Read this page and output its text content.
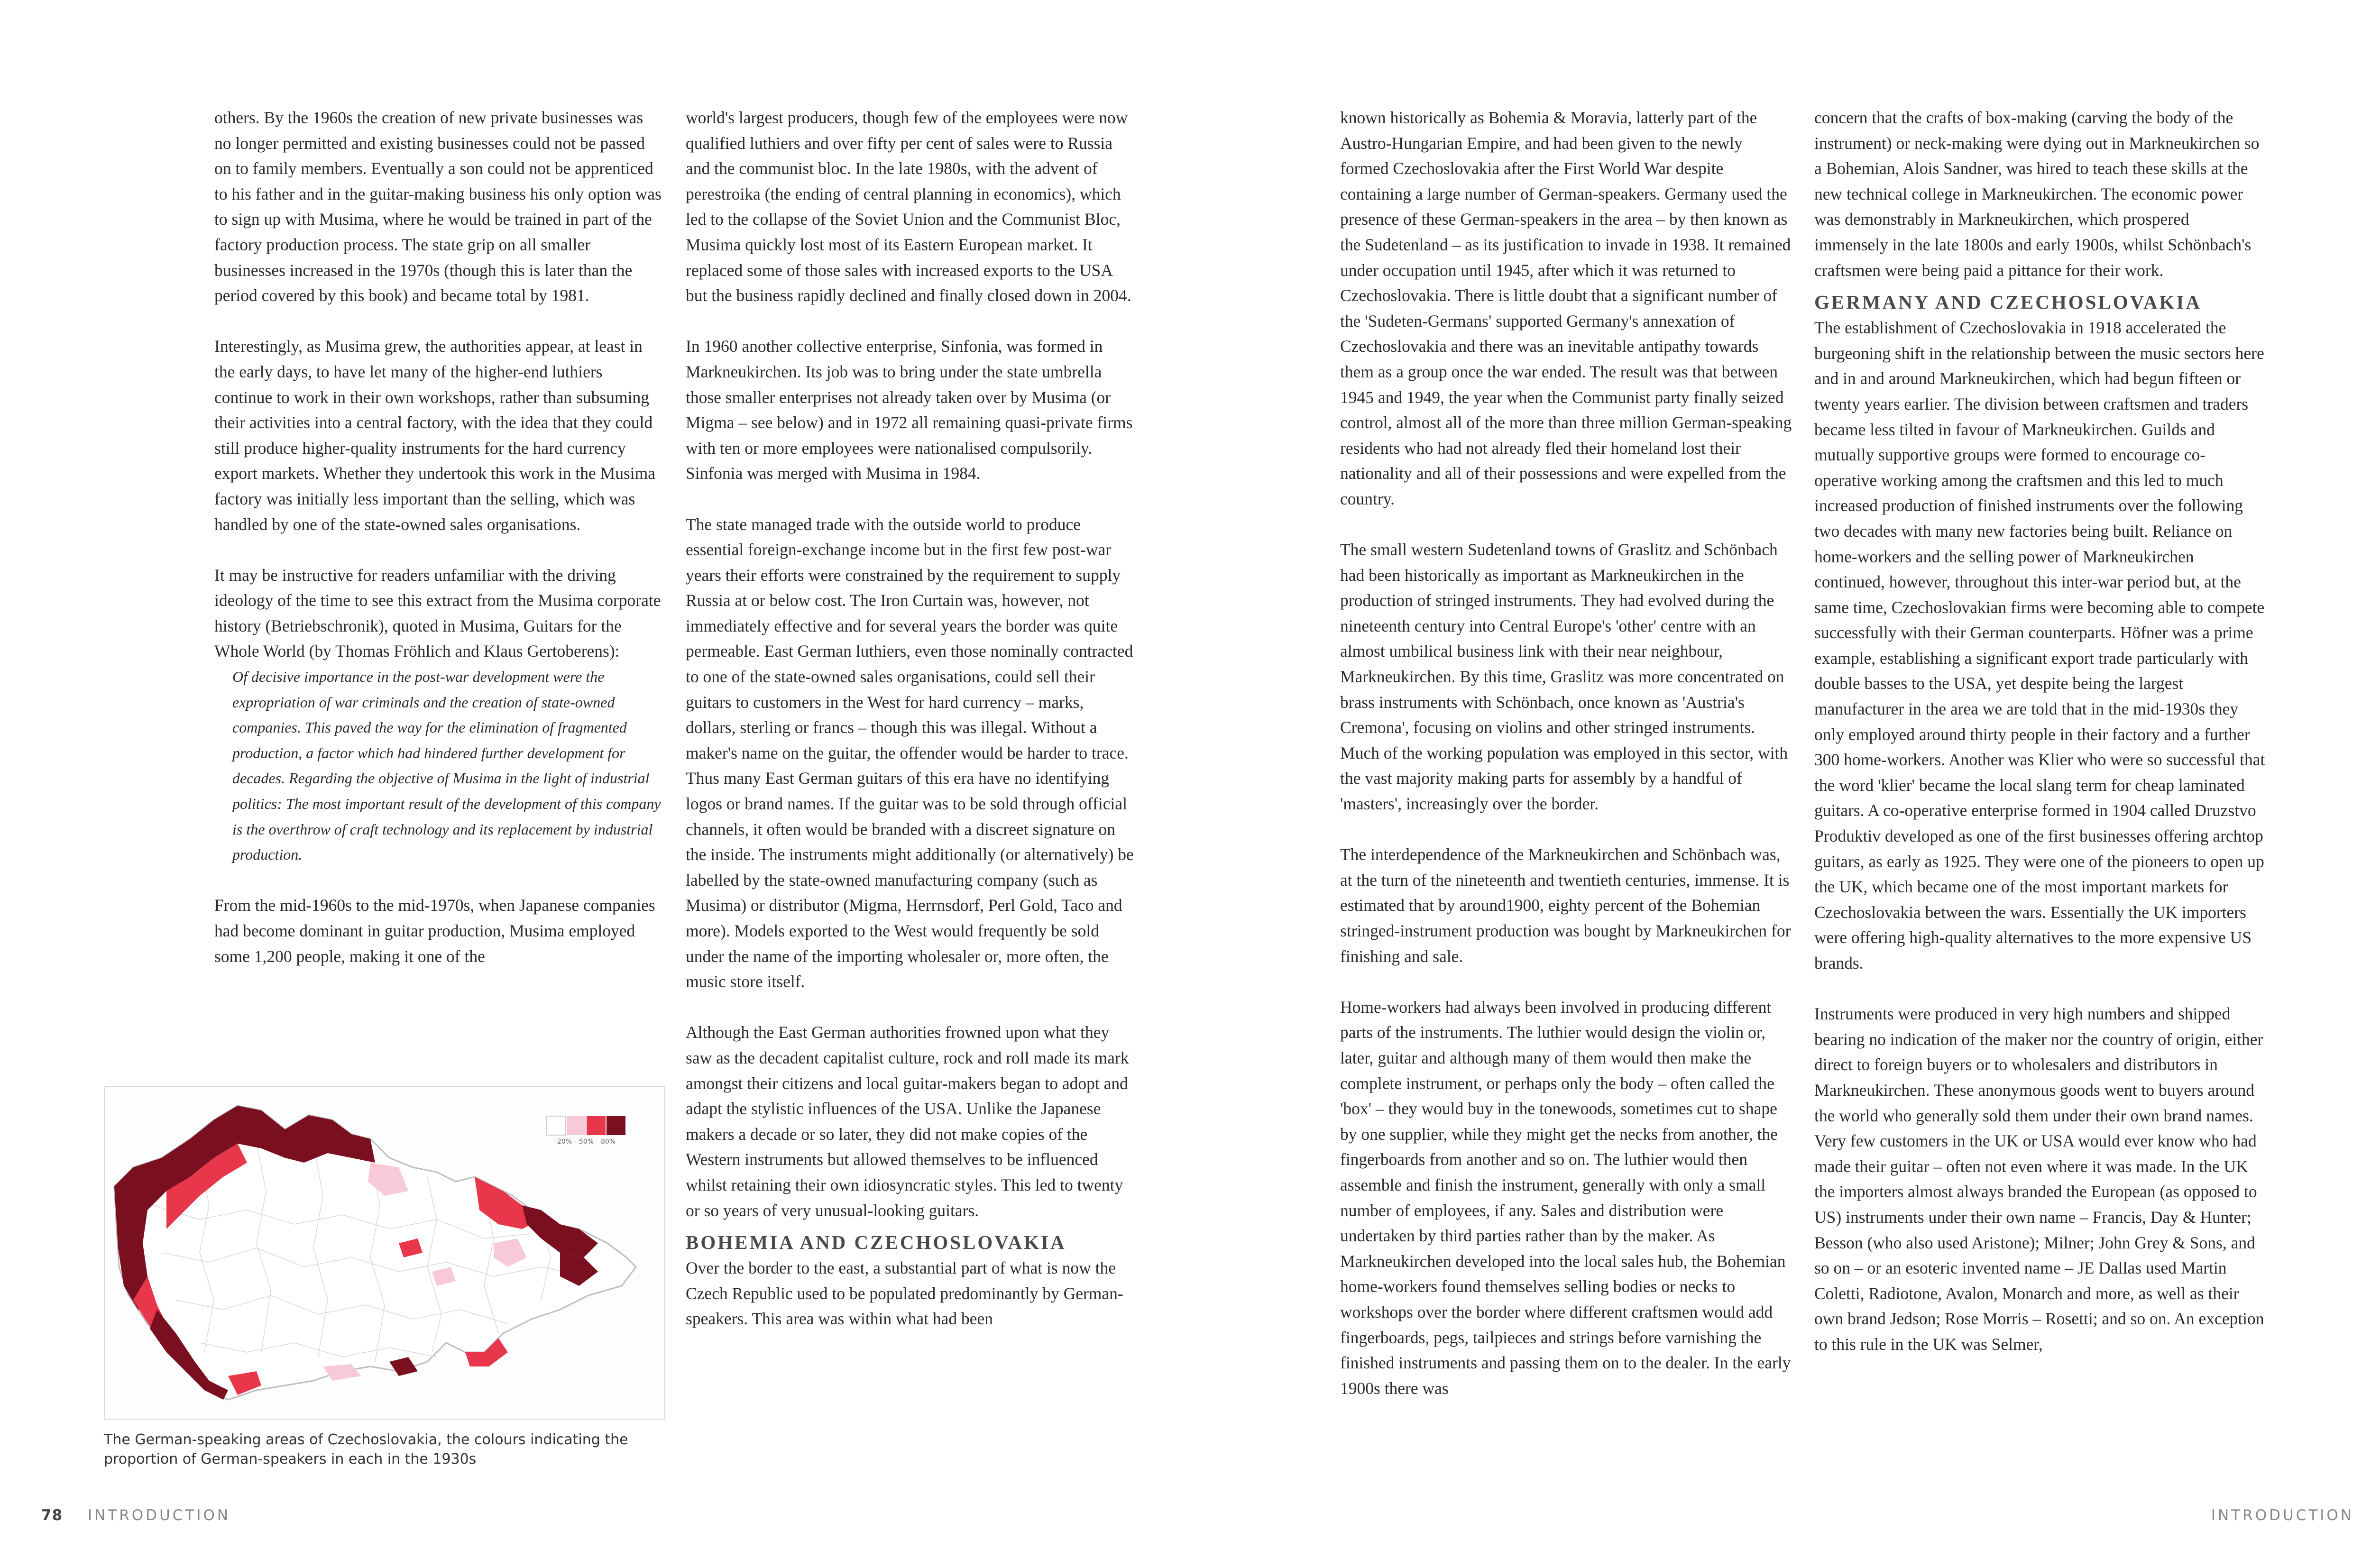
others. By the 1960s the creation of new private businesses was no longer permitted and existing businesses could not be passed on to family members. Eventually a son could not be apprenticed to his father and in the guitar-making business his only option was to sign up with Musima, where he would be trained in part of the factory production process. The state grip on all smaller businesses increased in the 1970s (though this is later than the period covered by this book) and became total by 1981.

Interestingly, as Musima grew, the authorities appear, at least in the early days, to have let many of the higher-end luthiers continue to work in their own workshops, rather than subsuming their activities into a central factory, with the idea that they could still produce higher-quality instruments for the hard currency export markets. Whether they undertook this work in the Musima factory was initially less important than the selling, which was handled by one of the state-owned sales organisations.

It may be instructive for readers unfamiliar with the driving ideology of the time to see this extract from the Musima corporate history (Betriebschronik), quoted in Musima, Guitars for the Whole World (by Thomas Fröhlich and Klaus Gertoberens):

Of decisive importance in the post-war development were the expropriation of war criminals and the creation of state-owned companies. This paved the way for the elimination of fragmented production, a factor which had hindered further development for decades. Regarding the objective of Musima in the light of industrial politics: The most important result of the development of this company is the overthrow of craft technology and its replacement by industrial production.

From the mid-1960s to the mid-1970s, when Japanese companies had become dominant in guitar production, Musima employed some 1,200 people, making it one of the

world's largest producers, though few of the employees were now qualified luthiers and over fifty per cent of sales were to Russia and the communist bloc. In the late 1980s, with the advent of perestroika (the ending of central planning in economics), which led to the collapse of the Soviet Union and the Communist Bloc, Musima quickly lost most of its Eastern European market. It replaced some of those sales with increased exports to the USA but the business rapidly declined and finally closed down in 2004.

In 1960 another collective enterprise, Sinfonia, was formed in Markneukirchen. Its job was to bring under the state umbrella those smaller enterprises not already taken over by Musima (or Migma – see below) and in 1972 all remaining quasi-private firms with ten or more employees were nationalised compulsorily. Sinfonia was merged with Musima in 1984.

The state managed trade with the outside world to produce essential foreign-exchange income but in the first few post-war years their efforts were constrained by the requirement to supply Russia at or below cost. The Iron Curtain was, however, not immediately effective and for several years the border was quite permeable. East German luthiers, even those nominally contracted to one of the state-owned sales organisations, could sell their guitars to customers in the West for hard currency – marks, dollars, sterling or francs – though this was illegal. Without a maker's name on the guitar, the offender would be harder to trace. Thus many East German guitars of this era have no identifying logos or brand names. If the guitar was to be sold through official channels, it often would be branded with a discreet signature on the inside. The instruments might additionally (or alternatively) be labelled by the state-owned manufacturing company (such as Musima) or distributor (Migma, Herrnsdorf, Perl Gold, Taco and more). Models exported to the West would frequently be sold under the name of the importing wholesaler or, more often, the music store itself.

Although the East German authorities frowned upon what they saw as the decadent capitalist culture, rock and roll made its mark amongst their citizens and local guitar-makers began to adopt and adapt the stylistic influences of the USA. Unlike the Japanese makers a decade or so later, they did not make copies of the Western instruments but allowed themselves to be influenced whilst retaining their own idiosyncratic styles. This led to twenty or so years of very unusual-looking guitars.

BOHEMIA AND CZECHOSLOVAKIA

Over the border to the east, a substantial part of what is now the Czech Republic used to be populated predominantly by German-speakers. This area was within what had been

20% 50% 80%
The German-speaking areas of Czechoslovakia, the colours indicating the proportion of German-speakers in each in the 1930s
78 INTRODUCTION

known historically as Bohemia & Moravia, latterly part of the Austro-Hungarian Empire, and had been given to the newly formed Czechoslovakia after the First World War despite containing a large number of German-speakers. Germany used the presence of these German-speakers in the area – by then known as the Sudetenland – as its justification to invade in 1938. It remained under occupation until 1945, after which it was returned to Czechoslovakia. There is little doubt that a significant number of the 'Sudeten-Germans' supported Germany's annexation of Czechoslovakia and there was an inevitable antipathy towards them as a group once the war ended. The result was that between 1945 and 1949, the year when the Communist party finally seized control, almost all of the more than three million German-speaking residents who had not already fled their homeland lost their nationality and all of their possessions and were expelled from the country.

The small western Sudetenland towns of Graslitz and Schönbach had been historically as important as Markneukirchen in the production of stringed instruments. They had evolved during the nineteenth century into Central Europe's 'other' centre with an almost umbilical business link with their near neighbour, Markneukirchen. By this time, Graslitz was more concentrated on brass instruments with Schönbach, once known as 'Austria's Cremona', focusing on violins and other stringed instruments. Much of the working population was employed in this sector, with the vast majority making parts for assembly by a handful of 'masters', increasingly over the border.

The interdependence of the Markneukirchen and Schönbach was, at the turn of the nineteenth and twentieth centuries, immense. It is estimated that by around1900, eighty percent of the Bohemian stringed-instrument production was bought by Markneukirchen for finishing and sale.

Home-workers had always been involved in producing different parts of the instruments. The luthier would design the violin or, later, guitar and although many of them would then make the complete instrument, or perhaps only the body – often called the 'box' – they would buy in the tonewoods, sometimes cut to shape by one supplier, while they might get the necks from another, the fingerboards from another and so on. The luthier would then assemble and finish the instrument, generally with only a small number of employees, if any. Sales and distribution were undertaken by third parties rather than by the maker. As Markneukirchen developed into the local sales hub, the Bohemian home-workers found themselves selling bodies or necks to workshops over the border where different craftsmen would add fingerboards, pegs, tailpieces and strings before varnishing the finished instruments and passing them on to the dealer. In the early 1900s there was

concern that the crafts of box-making (carving the body of the instrument) or neck-making were dying out in Markneukirchen so a Bohemian, Alois Sandner, was hired to teach these skills at the new technical college in Markneukirchen. The economic power was demonstrably in Markneukirchen, which prospered immensely in the late 1800s and early 1900s, whilst Schönbach's craftsmen were being paid a pittance for their work.

GERMANY AND CZECHOSLOVAKIA

The establishment of Czechoslovakia in 1918 accelerated the burgeoning shift in the relationship between the music sectors here and in and around Markneukirchen, which had begun fifteen or twenty years earlier. The division between craftsmen and traders became less tilted in favour of Markneukirchen. Guilds and mutually supportive groups were formed to encourage co-operative working among the craftsmen and this led to much increased production of finished instruments over the following two decades with many new factories being built. Reliance on home-workers and the selling power of Markneukirchen continued, however, throughout this inter-war period but, at the same time, Czechoslovakian firms were becoming able to compete successfully with their German counterparts. Höfner was a prime example, establishing a significant export trade particularly with double basses to the USA, yet despite being the largest manufacturer in the area we are told that in the mid-1930s they only employed around thirty people in their factory and a further 300 home-workers. Another was Klier who were so successful that the word 'klier' became the local slang term for cheap laminated guitars. A co-operative enterprise formed in 1904 called Druzstvo Produktiv developed as one of the first businesses offering archtop guitars, as early as 1925. They were one of the pioneers to open up the UK, which became one of the most important markets for Czechoslovakia between the wars. Essentially the UK importers were offering high-quality alternatives to the more expensive US brands.

Instruments were produced in very high numbers and shipped bearing no indication of the maker nor the country of origin, either direct to foreign buyers or to wholesalers and distributors in Markneukirchen. These anonymous goods went to buyers around the world who generally sold them under their own brand names. Very few customers in the UK or USA would ever know who had made their guitar – often not even where it was made. In the UK the importers almost always branded the European (as opposed to US) instruments under their own name – Francis, Day & Hunter; Besson (who also used Aristone); Milner; John Grey & Sons, and so on – or an esoteric invented name – JE Dallas used Martin Coletti, Radiotone, Avalon, Monarch and more, as well as their own brand Jedson; Rose Morris – Rosetti; and so on. An exception to this rule in the UK was Selmer,

INTRODUCTION
